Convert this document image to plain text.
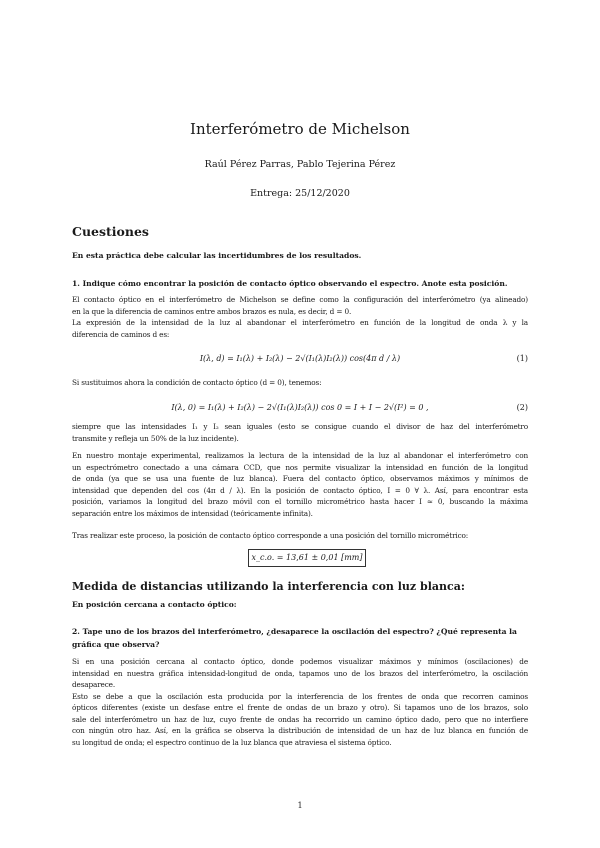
Interferómetro de Michelson
Raúl Pérez Parras, Pablo Tejerina Pérez
Entrega: 25/12/2020
Cuestiones
En esta práctica debe calcular las incertidumbres de los resultados.
1. Indique cómo encontrar la posición de contacto óptico observando el espectro. Anote esta posición.
El contacto óptico en el interferómetro de Michelson se define como la configuración del interferómetro (ya alineado)
en la que la diferencia de caminos entre ambos brazos es nula, es decir, d = 0.
La expresión de la intensidad de la luz al abandonar el interferómetro en función de la longitud de onda λ y la
diferencia de caminos d es:
I(λ, d) = I₁(λ) + I₂(λ) − 2√(I₁(λ)I₂(λ)) cos(4π d / λ)	(1)
Si sustituimos ahora la condición de contacto óptico (d = 0), tenemos:
I(λ, 0) = I₁(λ) + I₂(λ) − 2√(I₁(λ)I₂(λ)) cos 0 = I + I − 2√(I²) = 0 ,	(2)
siempre que las intensidades I₁ y I₂ sean iguales (esto se consigue cuando el divisor de haz del interferómetro
transmite y refleja un 50% de la luz incidente).
En nuestro montaje experimental, realizamos la lectura de la intensidad de la luz al abandonar el interferómetro con
un espectrómetro conectado a una cámara CCD, que nos permite visualizar la intensidad en función de la longitud
de onda (ya que se usa una fuente de luz blanca). Fuera del contacto óptico, observamos máximos y mínimos de
intensidad que dependen del cos (4π d / λ). En la posición de contacto óptico, I = 0 ∀ λ. Así, para encontrar esta
posición, variamos la longitud del brazo móvil con el tornillo micrométrico hasta hacer I ≈ 0, buscando la máxima
separación entre los máximos de intensidad (teóricamente infinita).
Tras realizar este proceso, la posición de contacto óptico corresponde a una posición del tornillo micrométrico:
x_c.o. = 13,61 ± 0,01 [mm]
Medida de distancias utilizando la interferencia con luz blanca:
En posición cercana a contacto óptico:
2. Tape uno de los brazos del interferómetro, ¿desaparece la oscilación del espectro? ¿Qué representa la
gráfica que observa?
Si en una posición cercana al contacto óptico, donde podemos visualizar máximos y mínimos (oscilaciones) de
intensidad en nuestra gráfica intensidad-longitud de onda, tapamos uno de los brazos del interferómetro, la oscilación
desaparece.
Esto se debe a que la oscilación esta producida por la interferencia de los frentes de onda que recorren caminos
ópticos diferentes (existe un desfase entre el frente de ondas de un brazo y otro). Si tapamos uno de los brazos, solo
sale del interferómetro un haz de luz, cuyo frente de ondas ha recorrido un camino óptico dado, pero que no interfiere
con ningún otro haz. Así, en la gráfica se observa la distribución de intensidad de un haz de luz blanca en función de
su longitud de onda; el espectro continuo de la luz blanca que atraviesa el sistema óptico.
1
